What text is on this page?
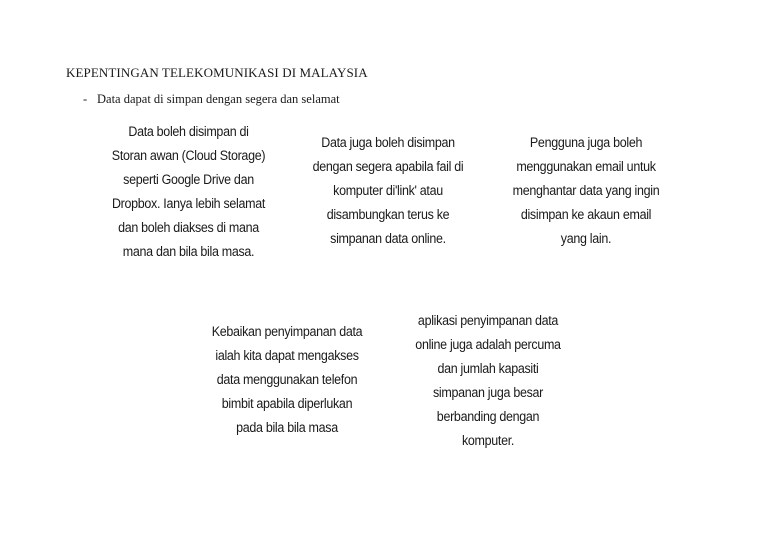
KEPENTINGAN TELEKOMUNIKASI DI MALAYSIA
- Data dapat di simpan dengan segera dan selamat
Data boleh disimpan di
Storan awan (Cloud Storage)
seperti Google Drive dan
Dropbox. Ianya lebih selamat
dan boleh diakses di mana
mana dan bila bila masa.
Data juga boleh disimpan
dengan segera apabila fail di
komputer di'link' atau
disambungkan terus ke
simpanan data online.
Pengguna juga boleh
menggunakan email untuk
menghantar data yang ingin
disimpan ke akaun email
yang lain.
Kebaikan penyimpanan data
ialah kita dapat mengakses
data menggunakan telefon
bimbit apabila diperlukan
pada bila bila masa
aplikasi penyimpanan data
online juga adalah percuma
dan jumlah kapasiti
simpanan juga besar
berbanding dengan
komputer.
